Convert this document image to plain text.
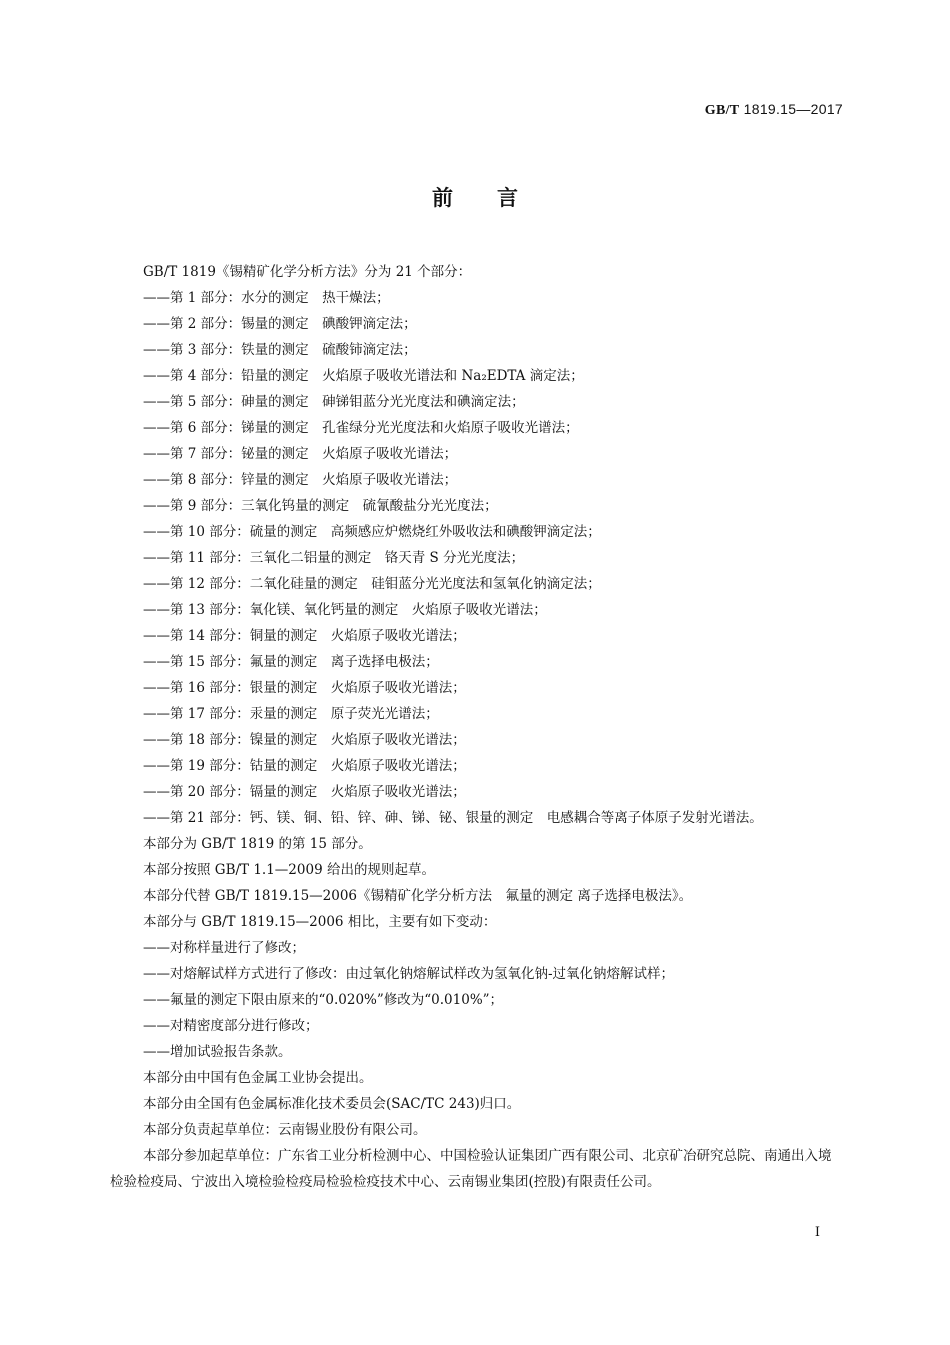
GB/T 1819.15—2017
前言
GB/T 1819《锡精矿化学分析方法》分为 21 个部分：
——第 1 部分：水分的测定　热干燥法；
——第 2 部分：锡量的测定　碘酸钾滴定法；
——第 3 部分：铁量的测定　硫酸铈滴定法；
——第 4 部分：铅量的测定　火焰原子吸收光谱法和 Na₂EDTA 滴定法；
——第 5 部分：砷量的测定　砷锑钼蓝分光光度法和碘滴定法；
——第 6 部分：锑量的测定　孔雀绿分光光度法和火焰原子吸收光谱法；
——第 7 部分：铋量的测定　火焰原子吸收光谱法；
——第 8 部分：锌量的测定　火焰原子吸收光谱法；
——第 9 部分：三氧化钨量的测定　硫氰酸盐分光光度法；
——第 10 部分：硫量的测定　高频感应炉燃烧红外吸收法和碘酸钾滴定法；
——第 11 部分：三氧化二铝量的测定　铬天青 S 分光光度法；
——第 12 部分：二氧化硅量的测定　硅钼蓝分光光度法和氢氧化钠滴定法；
——第 13 部分：氧化镁、氧化钙量的测定　火焰原子吸收光谱法；
——第 14 部分：铜量的测定　火焰原子吸收光谱法；
——第 15 部分：氟量的测定　离子选择电极法；
——第 16 部分：银量的测定　火焰原子吸收光谱法；
——第 17 部分：汞量的测定　原子荧光光谱法；
——第 18 部分：镍量的测定　火焰原子吸收光谱法；
——第 19 部分：钴量的测定　火焰原子吸收光谱法；
——第 20 部分：镉量的测定　火焰原子吸收光谱法；
——第 21 部分：钙、镁、铜、铅、锌、砷、锑、铋、银量的测定　电感耦合等离子体原子发射光谱法。
本部分为 GB/T 1819 的第 15 部分。
本部分按照 GB/T 1.1—2009 给出的规则起草。
本部分代替 GB/T 1819.15—2006《锡精矿化学分析方法　氟量的测定 离子选择电极法》。
本部分与 GB/T 1819.15—2006 相比，主要有如下变动：
——对称样量进行了修改；
——对熔解试样方式进行了修改：由过氧化钠熔解试样改为氢氧化钠-过氧化钠熔解试样；
——氟量的测定下限由原来的“0.020%”修改为“0.010%”；
——对精密度部分进行修改；
——增加试验报告条款。
本部分由中国有色金属工业协会提出。
本部分由全国有色金属标准化技术委员会(SAC/TC 243)归口。
本部分负责起草单位：云南锡业股份有限公司。
本部分参加起草单位：广东省工业分析检测中心、中国检验认证集团广西有限公司、北京矿冶研究总院、南通出入境检验检疫局、宁波出入境检验检疫局检验检疫技术中心、云南锡业集团(控股)有限责任公司。
I
